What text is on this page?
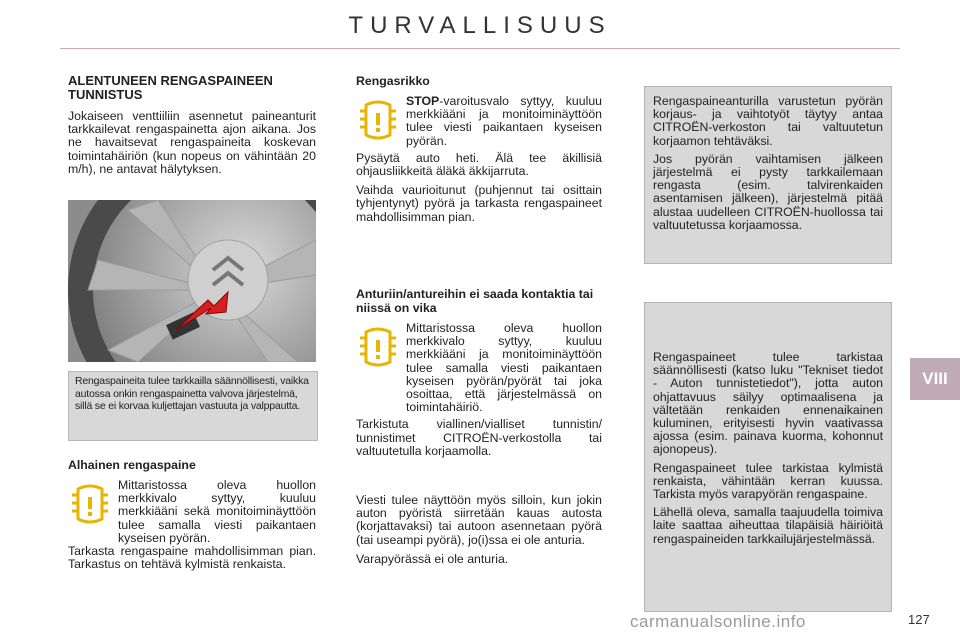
TURVALLISUUS
ALENTUNEEN RENGASPAINEEN TUNNISTUS

Jokaiseen venttiiliin asennetut paineanturit tarkkailevat rengaspainetta ajon aikana. Jos ne havaitsevat rengaspaineita koskevan toimintahäiriön (kun nopeus on vähintään 20 m/h), ne antavat hälytyksen.

Rengaspaineita tulee tarkkailla säännöllisesti, vaikka autossa onkin rengaspainetta valvova järjestelmä, sillä se ei korvaa kuljettajan vastuuta ja valppautta.
Alhainen rengaspaine

Mittaristossa oleva huollon merkkivalo syttyy, kuuluu merkkiääni sekä monitoiminäyttöön tulee samalla viesti paikantaen kyseisen pyörän.

Tarkasta rengaspaine mahdollisimman pian. Tarkastus on tehtävä kylmistä renkaista.

Rengasrikko

STOP-varoitusvalo syttyy, kuuluu merkkiääni ja monitoiminäyttöön tulee viesti paikantaen kyseisen pyörän.

Pysäytä auto heti. Älä tee äkillisiä ohjausliikkeitä äläkä äkkijarruta.

Vaihda vaurioitunut (puhjennut tai osittain tyhjentynyt) pyörä ja tarkasta rengaspaineet mahdollisimman pian.

Anturiin/antureihin ei saada kontaktia tai niissä on vika

Mittaristossa oleva huollon merkkivalo syttyy, kuuluu merkkiääni ja monitoiminäyttöön tulee samalla viesti paikantaen kyseisen pyörän/pyörät tai joka osoittaa, että järjestelmässä on toimintahäiriö.

Tarkistuta viallinen/vialliset tunnistin/ tunnistimet CITROËN-verkostolla tai valtuutetulla korjaamolla.

Viesti tulee näyttöön myös silloin, kun jokin auton pyöristä siirretään kauas autosta (korjattavaksi) tai autoon asennetaan pyörä (tai useampi pyörä), jo(i)ssa ei ole anturia.

Varapyörässä ei ole anturia.

Rengaspaineanturilla varustetun pyörän korjaus- ja vaihtotyöt täytyy antaa CITROËN-verkoston tai valtuutetun korjaamon tehtäväksi.

Jos pyörän vaihtamisen jälkeen järjestelmä ei pysty tarkkailemaan rengasta (esim. talvirenkaiden asentamisen jälkeen), järjestelmä pitää alustaa uudelleen CITROËN-huollossa tai valtuutetussa korjaamossa.

Rengaspaineet tulee tarkistaa säännöllisesti (katso luku "Tekniset tiedot - Auton tunnistetiedot"), jotta auton ohjattavuus säilyy optimaalisena ja vältetään renkaiden ennenaikainen kuluminen, erityisesti hyvin vaativassa ajossa (esim. painava kuorma, kohonnut ajonopeus).

Rengaspaineet tulee tarkistaa kylmistä renkaista, vähintään kerran kuussa. Tarkista myös varapyörän rengaspaine.

Lähellä oleva, samalla taajuudella toimiva laite saattaa aiheuttaa tilapäisiä häiriöitä rengaspaineiden tarkkailujärjestelmässä.

VIII
carmanualsonline.info	127
